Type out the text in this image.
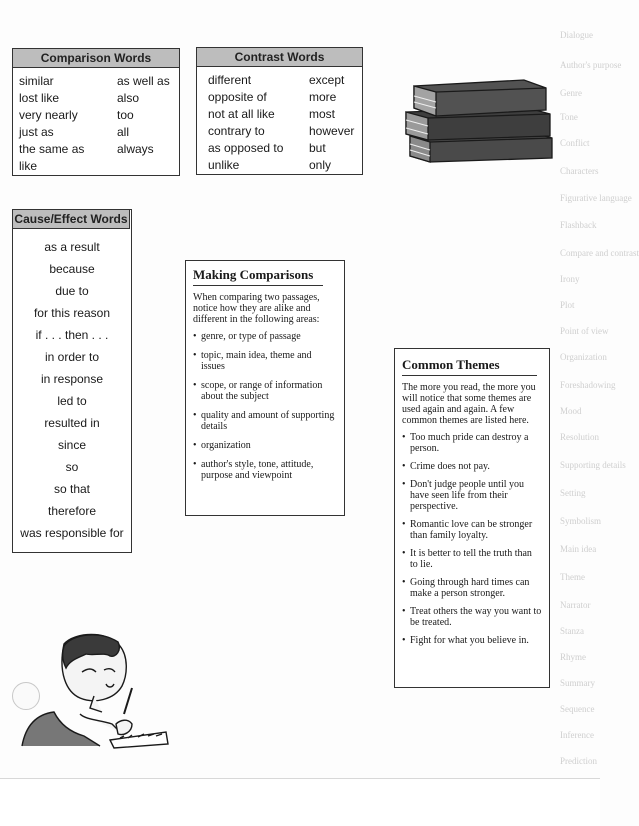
Dialogue
Author's purpose
Genre
Tone
Conflict
Characters
Figurative language
Flashback
Compare and contrast
Irony
Plot
Point of view
Organization
Foreshadowing
Mood
Resolution
Supporting details
Setting
Symbolism
Main idea
Theme
Narrator
Stanza
Rhyme
Summary
Sequence
Inference
Prediction
Comparison Words
similar
lost like
very nearly
just as
the same as
like
as well as
also
too
all
always
Contrast Words
different
opposite of
not at all like
contrary to
as opposed to
unlike
except
more
most
however
but
only
Cause/Effect Words
as a result
because
due to
for this reason
if . . . then . . .
in order to
in response
led to
resulted in
since
so
so that
therefore
was responsible for
Making Comparisons
When comparing two passages, notice how they are alike and different in the following areas:
• genre, or type of passage
• topic, main idea, theme and issues
• scope, or range of information about the subject
• quality and amount of supporting details
• organization
• author's style, tone, attitude, purpose and viewpoint
Common Themes
The more you read, the more you will notice that some themes are used again and again. A few common themes are listed here.
• Too much pride can destroy a person.
• Crime does not pay.
• Don't judge people until you have seen life from their perspective.
• Romantic love can be stronger than family loyalty.
• It is better to tell the truth than to lie.
• Going through hard times can make a person stronger.
• Treat others the way you want to be treated.
• Fight for what you believe in.
